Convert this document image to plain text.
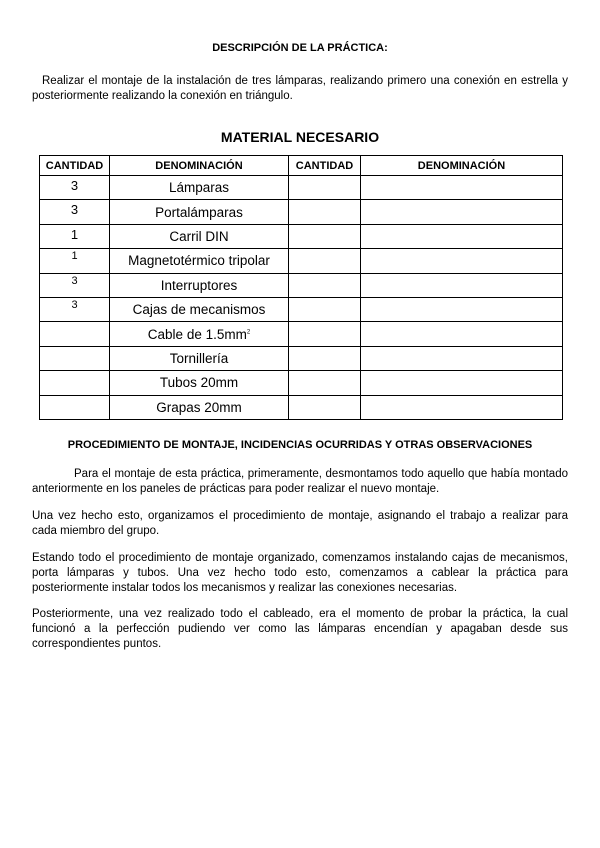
DESCRIPCIÓN DE LA PRÁCTICA:

Realizar el montaje de la instalación de tres lámparas, realizando primero una conexión en estrella y posteriormente realizando la conexión en triángulo.

MATERIAL NECESARIO
CANTIDAD	DENOMINACIÓN	CANTIDAD	DENOMINACIÓN
3	Lámparas		
3	Portalámparas		
1	Carril DIN		
1	Magnetotérmico tripolar		
3	Interruptores		
3	Cajas de mecanismos		
	Cable de $1.5mm^2$		
	Tornillería		
	Tubos 20mm		
	Grapas 20mm		
PROCEDIMIENTO DE MONTAJE, INCIDENCIAS OCURRIDAS Y OTRAS OBSERVACIONES

Para el montaje de esta práctica, primeramente, desmontamos todo aquello que había montado anteriormente en los paneles de prácticas para poder realizar el nuevo montaje.

Una vez hecho esto, organizamos el procedimiento de montaje, asignando el trabajo a realizar para cada miembro del grupo.

Estando todo el procedimiento de montaje organizado, comenzamos instalando cajas de mecanismos, porta lámparas y tubos. Una vez hecho todo esto, comenzamos a cablear la práctica para posteriormente instalar todos los mecanismos y realizar las conexiones necesarias.

Posteriormente, una vez realizado todo el cableado, era el momento de probar la práctica, la cual funcionó a la perfección pudiendo ver como las lámparas encendían y apagaban desde sus correspondientes puntos.
